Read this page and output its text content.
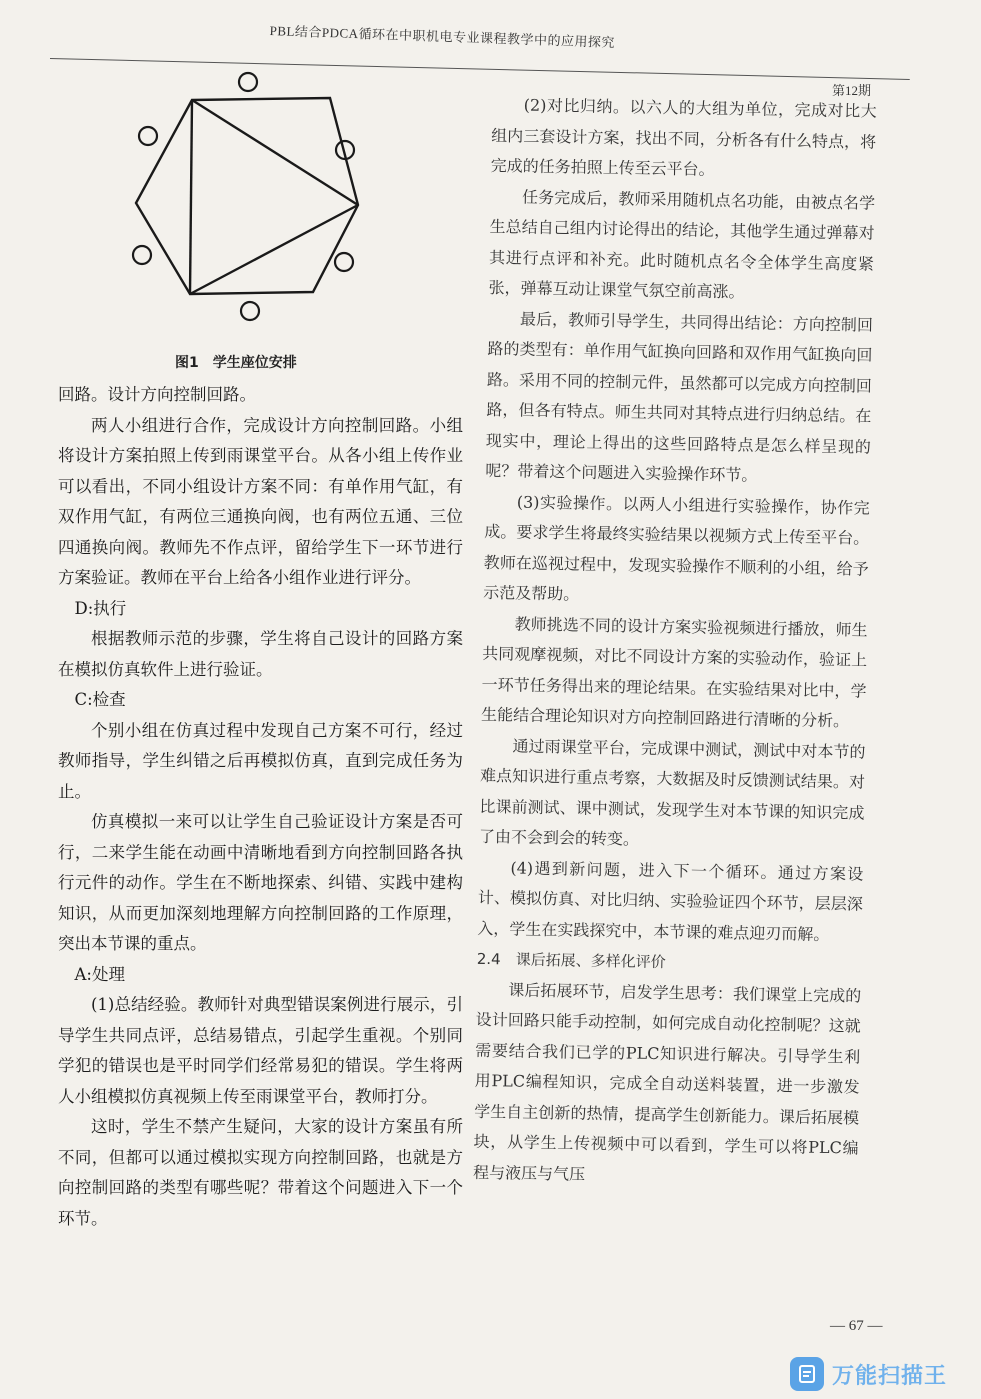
PBL结合PDCA循环在中职机电专业课程教学中的应用探究
第12期
图1　学生座位安排

回路。设计方向控制回路。

两人小组进行合作，完成设计方向控制回路。小组将设计方案拍照上传到雨课堂平台。从各小组上传作业可以看出，不同小组设计方案不同：有单作用气缸，有双作用气缸，有两位三通换向阀，也有两位五通、三位四通换向阀。教师先不作点评，留给学生下一环节进行方案验证。教师在平台上给各小组作业进行评分。

D:执行

根据教师示范的步骤，学生将自己设计的回路方案在模拟仿真软件上进行验证。

C:检查

个别小组在仿真过程中发现自己方案不可行，经过教师指导，学生纠错之后再模拟仿真，直到完成任务为止。

仿真模拟一来可以让学生自己验证设计方案是否可行，二来学生能在动画中清晰地看到方向控制回路各执行元件的动作。学生在不断地探索、纠错、实践中建构知识，从而更加深刻地理解方向控制回路的工作原理，突出本节课的重点。

A:处理

(1)总结经验。教师针对典型错误案例进行展示，引导学生共同点评，总结易错点，引起学生重视。个别同学犯的错误也是平时同学们经常易犯的错误。学生将两人小组模拟仿真视频上传至雨课堂平台，教师打分。

这时，学生不禁产生疑问，大家的设计方案虽有所不同，但都可以通过模拟实现方向控制回路，也就是方向控制回路的类型有哪些呢？带着这个问题进入下一个环节。

(2)对比归纳。以六人的大组为单位，完成对比大组内三套设计方案，找出不同，分析各有什么特点，将完成的任务拍照上传至云平台。

任务完成后，教师采用随机点名功能，由被点名学生总结自己组内讨论得出的结论，其他学生通过弹幕对其进行点评和补充。此时随机点名令全体学生高度紧张，弹幕互动让课堂气氛空前高涨。

最后，教师引导学生，共同得出结论：方向控制回路的类型有：单作用气缸换向回路和双作用气缸换向回路。采用不同的控制元件，虽然都可以完成方向控制回路，但各有特点。师生共同对其特点进行归纳总结。在现实中，理论上得出的这些回路特点是怎么样呈现的呢？带着这个问题进入实验操作环节。

(3)实验操作。以两人小组进行实验操作，协作完成。要求学生将最终实验结果以视频方式上传至平台。教师在巡视过程中，发现实验操作不顺利的小组，给予示范及帮助。

教师挑选不同的设计方案实验视频进行播放，师生共同观摩视频，对比不同设计方案的实验动作，验证上一环节任务得出来的理论结果。在实验结果对比中，学生能结合理论知识对方向控制回路进行清晰的分析。

通过雨课堂平台，完成课中测试，测试中对本节的难点知识进行重点考察，大数据及时反馈测试结果。对比课前测试、课中测试，发现学生对本节课的知识完成了由不会到会的转变。

(4)遇到新问题，进入下一个循环。通过方案设计、模拟仿真、对比归纳、实验验证四个环节，层层深入，学生在实践探究中，本节课的难点迎刃而解。

2.4　课后拓展、多样化评价

课后拓展环节，启发学生思考：我们课堂上完成的设计回路只能手动控制，如何完成自动化控制呢？这就需要结合我们已学的PLC知识进行解决。引导学生利用PLC编程知识，完成全自动送料装置，进一步激发学生自主创新的热情，提高学生创新能力。课后拓展模块，从学生上传视频中可以看到，学生可以将PLC编程与液压与气压

— 67 —
万能扫描王
